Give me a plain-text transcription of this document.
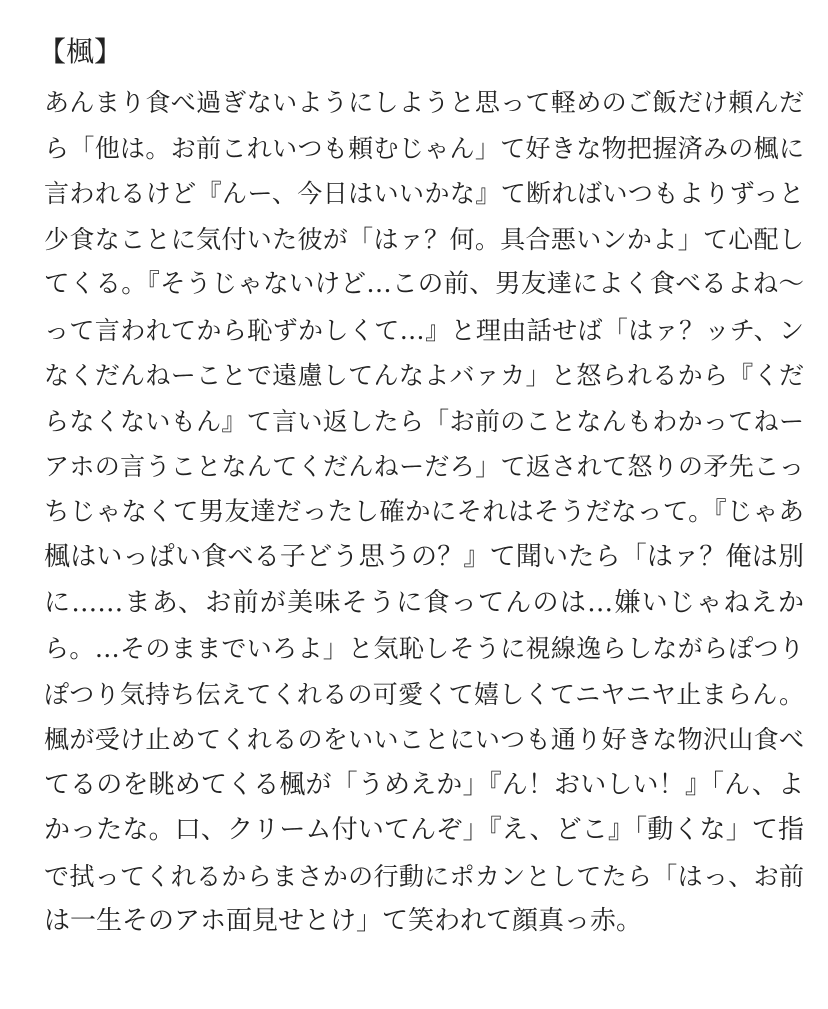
【楓】
あんまり食べ過ぎないようにしようと思って軽めのご飯だけ頼んだ
ら「他は。お前これいつも頼むじゃん」て好きな物把握済みの楓に
言われるけど『んー、今日はいいかな』て断ればいつもよりずっと
少食なことに気付いた彼が「はァ？何。具合悪いンかよ」て心配し
てくる。『そうじゃないけど…この前、男友達によく食べるよね〜
って言われてから恥ずかしくて…』と理由話せば「はァ？ッチ、ン
なくだんねーことで遠慮してんなよバァカ」と怒られるから『くだ
らなくないもん』て言い返したら「お前のことなんもわかってねー
アホの言うことなんてくだんねーだろ」て返されて怒りの矛先こっ
ちじゃなくて男友達だったし確かにそれはそうだなって。『じゃあ
楓はいっぱい食べる子どう思うの？』て聞いたら「はァ？俺は別
に……まあ、お前が美味そうに食ってんのは…嫌いじゃねえか
ら。…そのままでいろよ」と気恥しそうに視線逸らしながらぽつり
ぽつり気持ち伝えてくれるの可愛くて嬉しくてニヤニヤ止まらん。
楓が受け止めてくれるのをいいことにいつも通り好きな物沢山食べ
てるのを眺めてくる楓が「うめえか」『ん！おいしい！』「ん、よ
かったな。口、クリーム付いてんぞ」『え、どこ』「動くな」て指
で拭ってくれるからまさかの行動にポカンとしてたら「はっ、お前
は一生そのアホ面見せとけ」て笑われて顔真っ赤。
